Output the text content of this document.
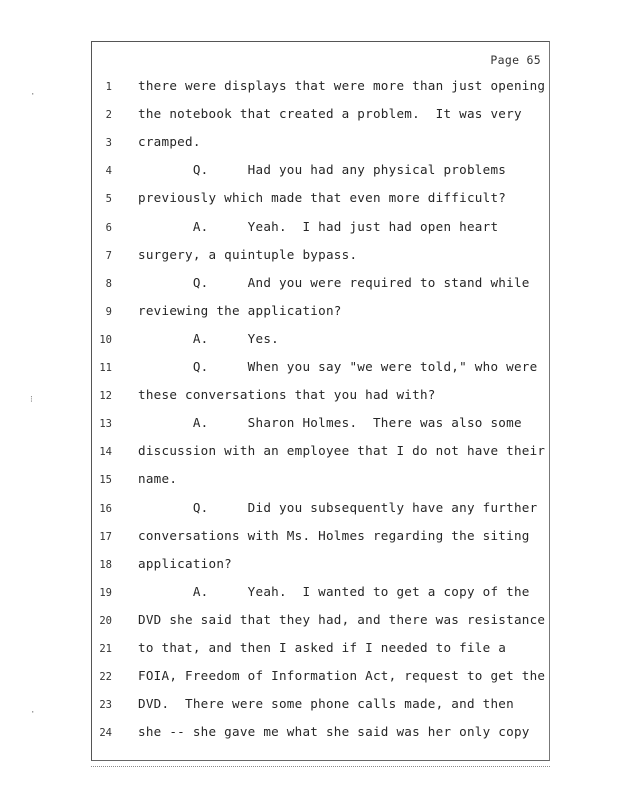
Page 65
1 there were displays that were more than just opening
2 the notebook that created a problem.  It was very
3 cramped.
4 Q.     Had you had any physical problems
5 previously which made that even more difficult?
6 A.     Yeah.  I had just had open heart
7 surgery, a quintuple bypass.
8 Q.     And you were required to stand while
9 reviewing the application?
10 A.     Yes.
11 Q.     When you say "we were told," who were
12 these conversations that you had with?
13 A.     Sharon Holmes.  There was also some
14 discussion with an employee that I do not have their
15 name.
16 Q.     Did you subsequently have any further
17 conversations with Ms. Holmes regarding the siting
18 application?
19 A.     Yeah.  I wanted to get a copy of the
20 DVD she said that they had, and there was resistance
21 to that, and then I asked if I needed to file a
22 FOIA, Freedom of Information Act, request to get the
23 DVD.  There were some phone calls made, and then
24 she -- she gave me what she said was her only copy
·
⁝
·
